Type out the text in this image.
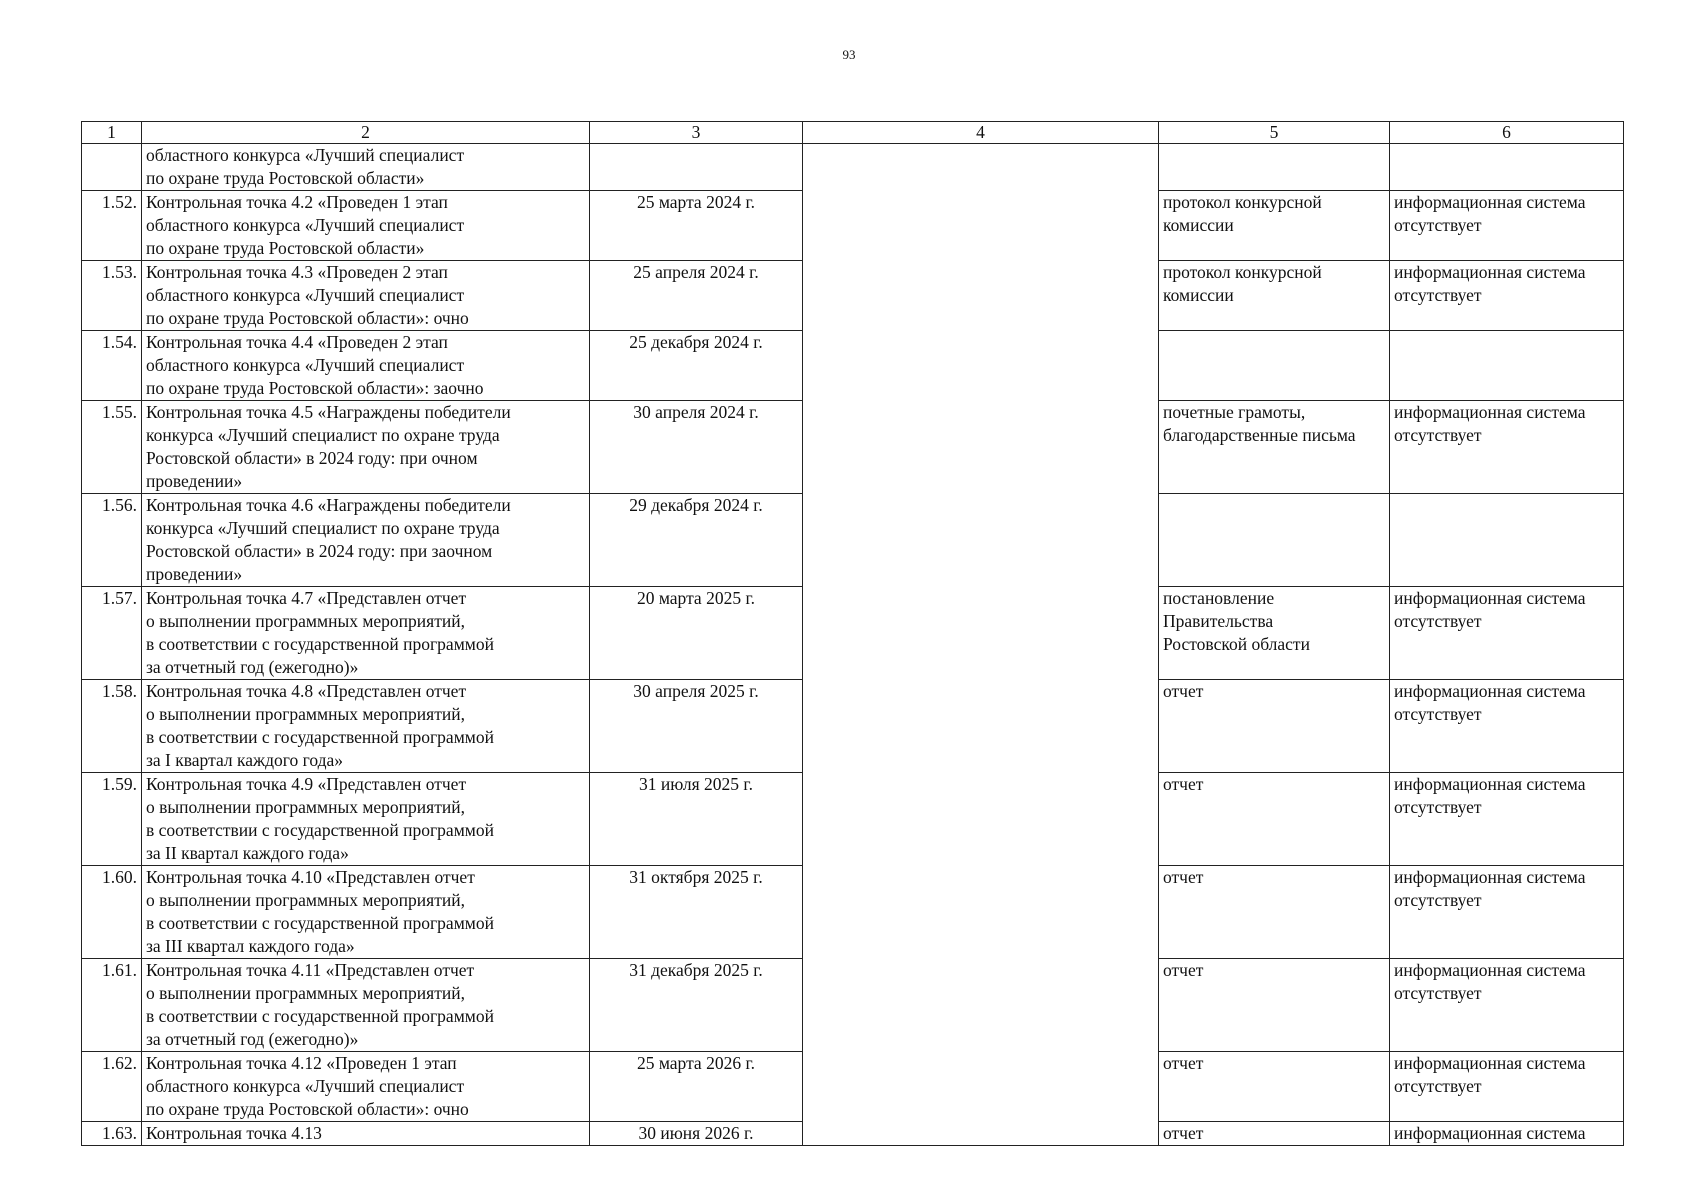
93
1	2	3	4	5	6
	областного конкурса «Лучший специалист
по охране труда Ростовской области»				
1.52.	Контрольная точка 4.2 «Проведен 1 этап
областного конкурса «Лучший специалист
по охране труда Ростовской области»	25 марта 2024 г.		протокол конкурсной
комиссии	информационная система
отсутствует
1.53.	Контрольная точка 4.3 «Проведен 2 этап
областного конкурса «Лучший специалист
по охране труда Ростовской области»: очно	25 апреля 2024 г.		протокол конкурсной
комиссии	информационная система
отсутствует
1.54.	Контрольная точка 4.4 «Проведен 2 этап
областного конкурса «Лучший специалист
по охране труда Ростовской области»: заочно	25 декабря 2024 г.			
1.55.	Контрольная точка 4.5 «Награждены победители
конкурса «Лучший специалист по охране труда
Ростовской области» в 2024 году: при очном
проведении»	30 апреля 2024 г.		почетные грамоты,
благодарственные письма	информационная система
отсутствует
1.56.	Контрольная точка 4.6 «Награждены победители
конкурса «Лучший специалист по охране труда
Ростовской области» в 2024 году: при заочном
проведении»	29 декабря 2024 г.			
1.57.	Контрольная точка 4.7 «Представлен отчет
о выполнении программных мероприятий,
в соответствии с государственной программой
за отчетный год (ежегодно)»	20 марта 2025 г.		постановление
Правительства
Ростовской области	информационная система
отсутствует
1.58.	Контрольная точка 4.8 «Представлен отчет
о выполнении программных мероприятий,
в соответствии с государственной программой
за I квартал каждого года»	30 апреля 2025 г.		отчет	информационная система
отсутствует
1.59.	Контрольная точка 4.9 «Представлен отчет
о выполнении программных мероприятий,
в соответствии с государственной программой
за II квартал каждого года»	31 июля 2025 г.		отчет	информационная система
отсутствует
1.60.	Контрольная точка 4.10 «Представлен отчет
о выполнении программных мероприятий,
в соответствии с государственной программой
за III квартал каждого года»	31 октября 2025 г.		отчет	информационная система
отсутствует
1.61.	Контрольная точка 4.11 «Представлен отчет
о выполнении программных мероприятий,
в соответствии с государственной программой
за отчетный год (ежегодно)»	31 декабря 2025 г.		отчет	информационная система
отсутствует
1.62.	Контрольная точка 4.12 «Проведен 1 этап
областного конкурса «Лучший специалист
по охране труда Ростовской области»: очно	25 марта 2026 г.		отчет	информационная система
отсутствует
1.63.	Контрольная точка 4.13	30 июня 2026 г.		отчет	информационная система
